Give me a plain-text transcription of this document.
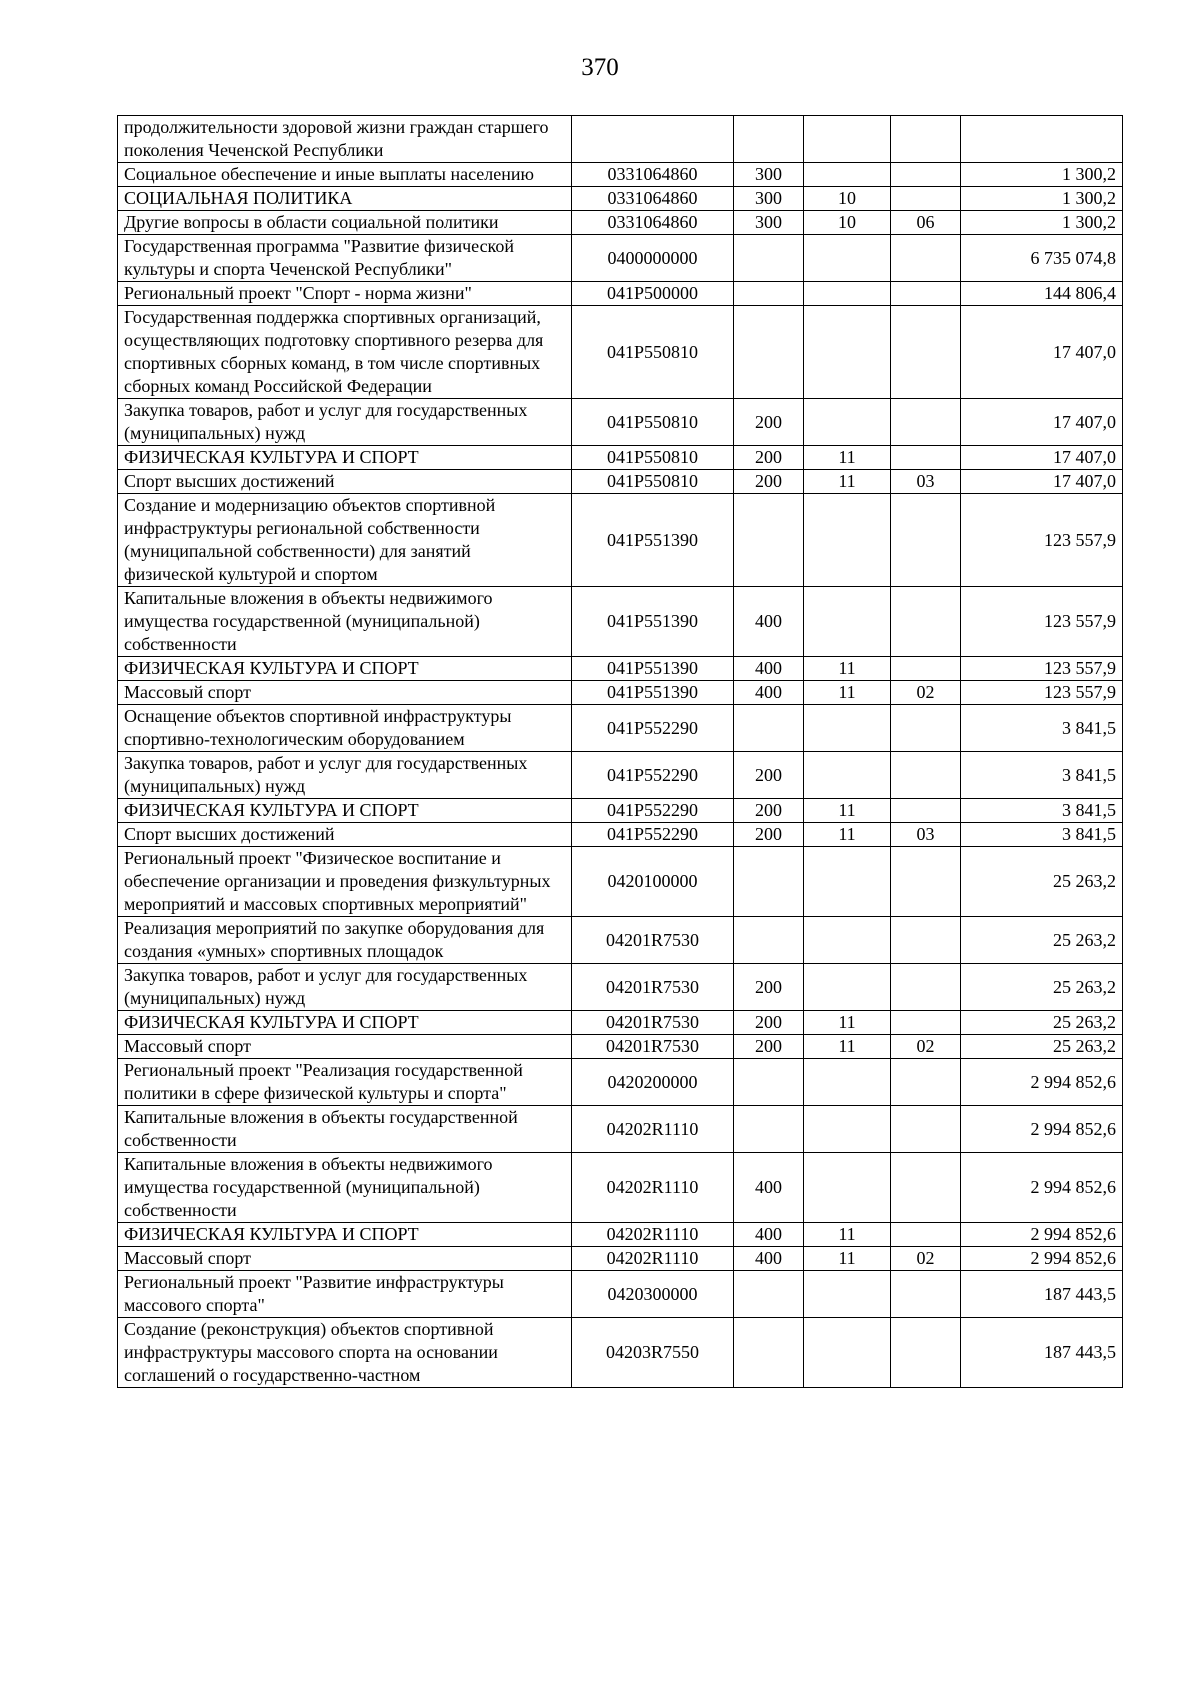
370
продолжительности здоровой жизни граждан старшего поколения Чеченской Республики					
Социальное обеспечение и иные выплаты населению	0331064860	300			1 300,2
СОЦИАЛЬНАЯ ПОЛИТИКА	0331064860	300	10		1 300,2
Другие вопросы в области социальной политики	0331064860	300	10	06	1 300,2
Государственная программа "Развитие физической культуры и спорта Чеченской Республики"	0400000000				6 735 074,8
Региональный проект "Спорт - норма жизни"	041P500000				144 806,4
Государственная поддержка спортивных организаций, осуществляющих подготовку спортивного резерва для спортивных сборных команд, в том числе спортивных сборных команд Российской Федерации	041P550810				17 407,0
Закупка товаров, работ и услуг для государственных (муниципальных) нужд	041P550810	200			17 407,0
ФИЗИЧЕСКАЯ КУЛЬТУРА И СПОРТ	041P550810	200	11		17 407,0
Спорт высших достижений	041P550810	200	11	03	17 407,0
Создание и модернизацию объектов спортивной инфраструктуры региональной собственности (муниципальной собственности) для занятий физической культурой и спортом	041P551390				123 557,9
Капитальные вложения в объекты недвижимого имущества государственной (муниципальной) собственности	041P551390	400			123 557,9
ФИЗИЧЕСКАЯ КУЛЬТУРА И СПОРТ	041P551390	400	11		123 557,9
Массовый спорт	041P551390	400	11	02	123 557,9
Оснащение объектов спортивной инфраструктуры спортивно-технологическим оборудованием	041P552290				3 841,5
Закупка товаров, работ и услуг для государственных (муниципальных) нужд	041P552290	200			3 841,5
ФИЗИЧЕСКАЯ КУЛЬТУРА И СПОРТ	041P552290	200	11		3 841,5
Спорт высших достижений	041P552290	200	11	03	3 841,5
Региональный проект "Физическое воспитание и обеспечение организации и проведения физкультурных мероприятий и массовых спортивных мероприятий"	0420100000				25 263,2
Реализация мероприятий по закупке оборудования для создания «умных» спортивных площадок	04201R7530				25 263,2
Закупка товаров, работ и услуг для государственных (муниципальных) нужд	04201R7530	200			25 263,2
ФИЗИЧЕСКАЯ КУЛЬТУРА И СПОРТ	04201R7530	200	11		25 263,2
Массовый спорт	04201R7530	200	11	02	25 263,2
Региональный проект "Реализация государственной политики в сфере физической культуры и спорта"	0420200000				2 994 852,6
Капитальные вложения в объекты государственной собственности	04202R1110				2 994 852,6
Капитальные вложения в объекты недвижимого имущества государственной (муниципальной) собственности	04202R1110	400			2 994 852,6
ФИЗИЧЕСКАЯ КУЛЬТУРА И СПОРТ	04202R1110	400	11		2 994 852,6
Массовый спорт	04202R1110	400	11	02	2 994 852,6
Региональный проект "Развитие инфраструктуры массового спорта"	0420300000				187 443,5
Создание (реконструкция) объектов спортивной инфраструктуры массового спорта на основании соглашений о государственно-частном	04203R7550				187 443,5
